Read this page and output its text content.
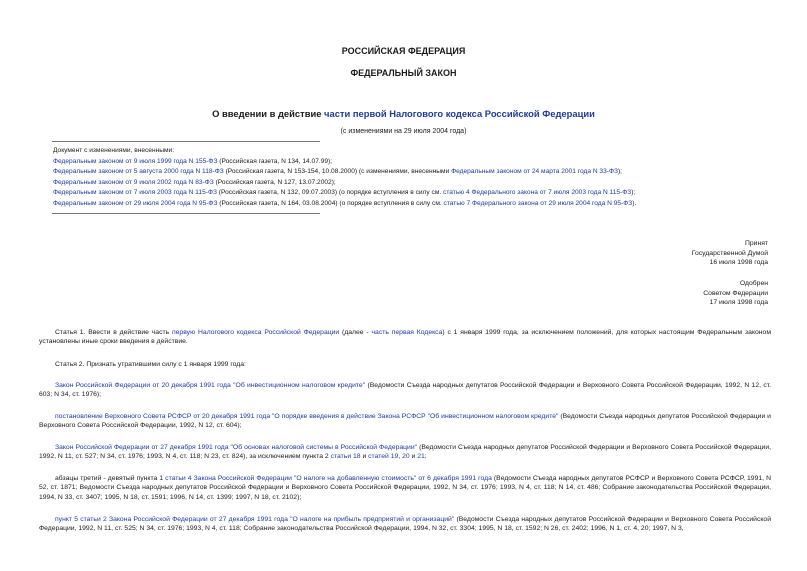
РОССИЙСКАЯ ФЕДЕРАЦИЯ
ФЕДЕРАЛЬНЫЙ ЗАКОН
О введении в действие части первой Налогового кодекса Российской Федерации
(с изменениями на 29 июля 2004 года)
Документ с изменениями, внесенными:
Федеральным законом от 9 июля 1999 года N 155-ФЗ (Российская газета, N 134, 14.07.99);
Федеральным законом от 5 августа 2000 года N 118-ФЗ (Российская газета, N 153-154, 10.08.2000) (с изменениями, внесенными Федеральным законом от 24 марта 2001 года N 33-ФЗ);
Федеральным законом от 9 июля 2002 года N 83-ФЗ (Российская газета, N 127, 13.07.2002);
Федеральным законом от 7 июля 2003 года N 115-ФЗ (Российская газета, N 132, 09.07.2003) (о порядке вступления в силу см. статью 4 Федерального закона от 7 июля 2003 года N 115-ФЗ);
Федеральным законом от 29 июля 2004 года N 95-ФЗ (Российская газета, N 164, 03.08.2004) (о порядке вступления в силу см. статью 7 Федерального закона от 29 июля 2004 года N 95-ФЗ).
Принят
Государственной Думой
16 июля 1998 года
Одобрен
Советом Федерации
17 июля 1998 года
Статья 1. Ввести в действие часть первую Налогового кодекса Российской Федерации (далее - часть первая Кодекса) с 1 января 1999 года, за исключением положений, для которых настоящим Федеральным законом установлены иные сроки введения в действие.
Статья 2. Признать утратившими силу с 1 января 1999 года:
Закон Российской Федерации от 20 декабря 1991 года "Об инвестиционном налоговом кредите" (Ведомости Съезда народных депутатов Российской Федерации и Верховного Совета Российской Федерации, 1992, N 12, ст. 603; N 34, ст. 1976);
постановление Верховного Совета РСФСР от 20 декабря 1991 года "О порядке введения в действие Закона РСФСР "Об инвестиционном налоговом кредите" (Ведомости Съезда народных депутатов Российской Федерации и Верховного Совета Российской Федерации, 1992, N 12, ст. 604);
Закон Российской Федерации от 27 декабря 1991 года "Об основах налоговой системы в Российской Федерации" (Ведомости Съезда народных депутатов Российской Федерации и Верховного Совета Российской Федерации, 1992, N 11, ст. 527; N 34, ст. 1976; 1993, N 4, ст. 118; N 23, ст. 824), за исключением пункта 2 статьи 18 и статей 19, 20 и 21;
абзацы третий - девятый пункта 1 статьи 4 Закона Российской Федерации "О налоге на добавленную стоимость" от 6 декабря 1991 года (Ведомости Съезда народных депутатов РСФСР и Верховного Совета РСФСР, 1991, N 52, ст. 1871; Ведомости Съезда народных депутатов Российской Федерации и Верховного Совета Российской Федерации, 1992, N 34, ст. 1976; 1993, N 4, ст. 118; N 14, ст. 486; Собрание законодательства Российской Федерации, 1994, N 33, ст. 3407; 1995, N 18, ст. 1591; 1996, N 14, ст. 1399; 1997, N 18, ст. 2102);
пункт 5 статьи 2 Закона Российской Федерации от 27 декабря 1991 года "О налоге на прибыль предприятий и организаций" (Ведомости Съезда народных депутатов Российской Федерации и Верховного Совета Российской Федерации, 1992, N 11, ст. 525; N 34, ст. 1976; 1993, N 4, ст. 118; Собрание законодательства Российской Федерации, 1994, N 32, ст. 3304; 1995, N 18, ст. 1592; N 26, ст. 2402; 1996, N 1, ст. 4, 20; 1997, N 3,
